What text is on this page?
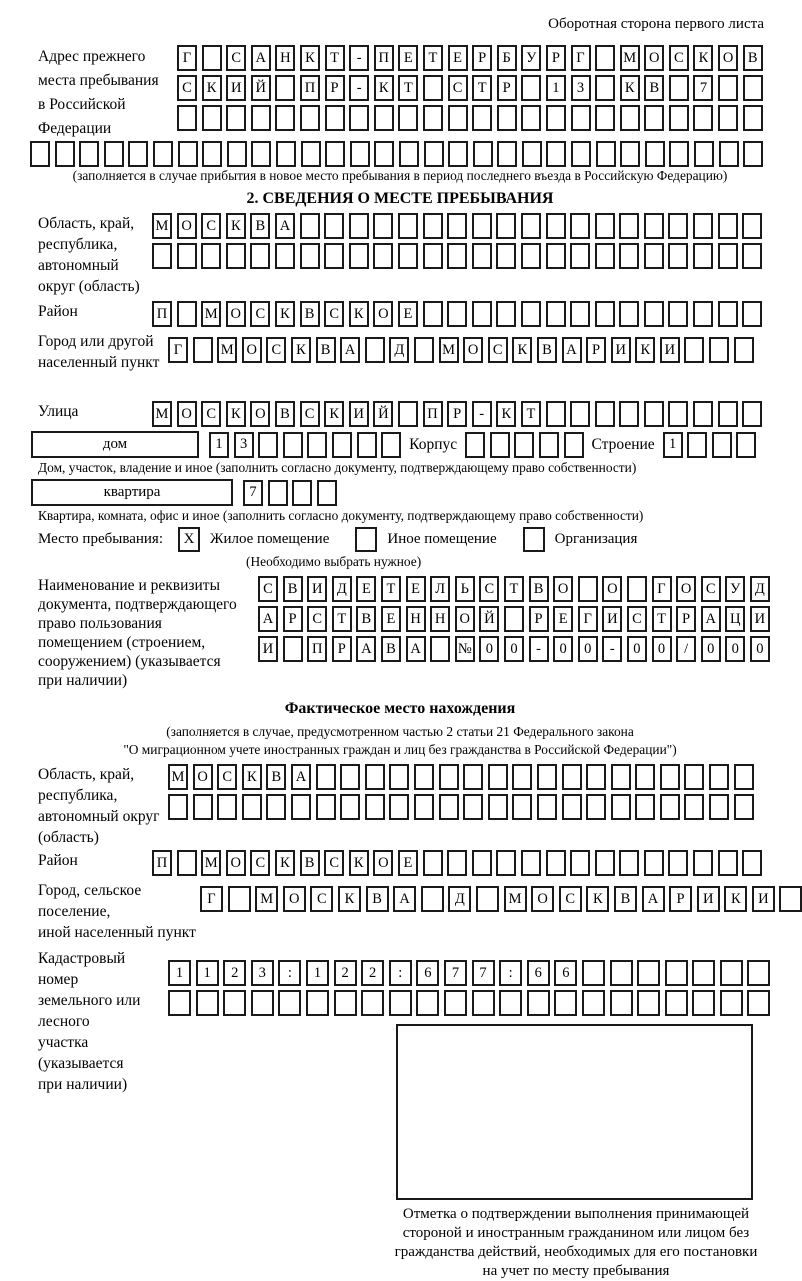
Оборотная сторона первого листа
Адрес прежнего
места пребывания
в Российской
Федерации
Г	С	А Н	К	Т	-	П	Е	Т	Е	Р	Б	У	Р	Г	М О	С	К	О	В
С	К	И Й	П	Р	-	К	Т	С	Т	Р	1	3	К	В	7
(заполняется в случае прибытия в новое место пребывания в период последнего въезда в Российскую Федерацию)
2. СВЕДЕНИЯ О МЕСТЕ ПРЕБЫВАНИЯ
Область, край,
республика,
автономный
округ (область)
М О	С	К	В	А
Район	П	М О	С	К	В	С	К	О	Е
Город или другой
населенный пункт
Г	М О	С	К	В	А	Д	М О	С	К	В	А	Р	И	К	И
Улица	М О	С	К	О	В	С	К	И Й	П	Р	-	К	Т
дом	1	3	Корпус	Строение 1
Дом, участок, владение и иное (заполнить согласно документу, подтверждающему право собственности)
квартира	7
Квартира, комната, офис и иное (заполнить согласно документу, подтверждающему право собственности)
Место пребывания:	X	Жилое помещение	Иное помещение	Организация
(Необходимо выбрать нужное)
Наименование и реквизиты
документа, подтверждающего
право пользования
помещением (строением,
сооружением) (указывается
при наличии)
С	В	И Д	Е	Т	Е	Л	Ь	С	Т	В	О	О	Г	О	С	У	Д
А	Р	С	Т	В	Е	Н Н О Й	Р	Е	Г	И	С	Т	Р	А Ц И
И	П	Р	А	В	А	№ 0	0	-	0	0	-	0	0	/	0	0	0
Фактическое место нахождения
(заполняется в случае, предусмотренном частью 2 статьи 21 Федерального закона
"О миграционном учете иностранных граждан и лиц без гражданства в Российской Федерации")
Область, край,
республика,
автономный округ
(область)
М О	С	К	В	А
Район	П	М О	С	К	В	С	К	О	Е
Город, сельское поселение,
иной населенный пункт
Г	М	О	С	К	В	А	Д	М	О	С	К	В	А	Р	И	К	И
Кадастровый номер
земельного или лесного
участка (указывается
при наличии)
1	1	2	3	:	1	2	2	:	6	7	7	:	6	6
Отметка о подтверждении выполнения принимающей
стороной и иностранным гражданином или лицом без
гражданства действий, необходимых для его постановки
на учет по месту пребывания
